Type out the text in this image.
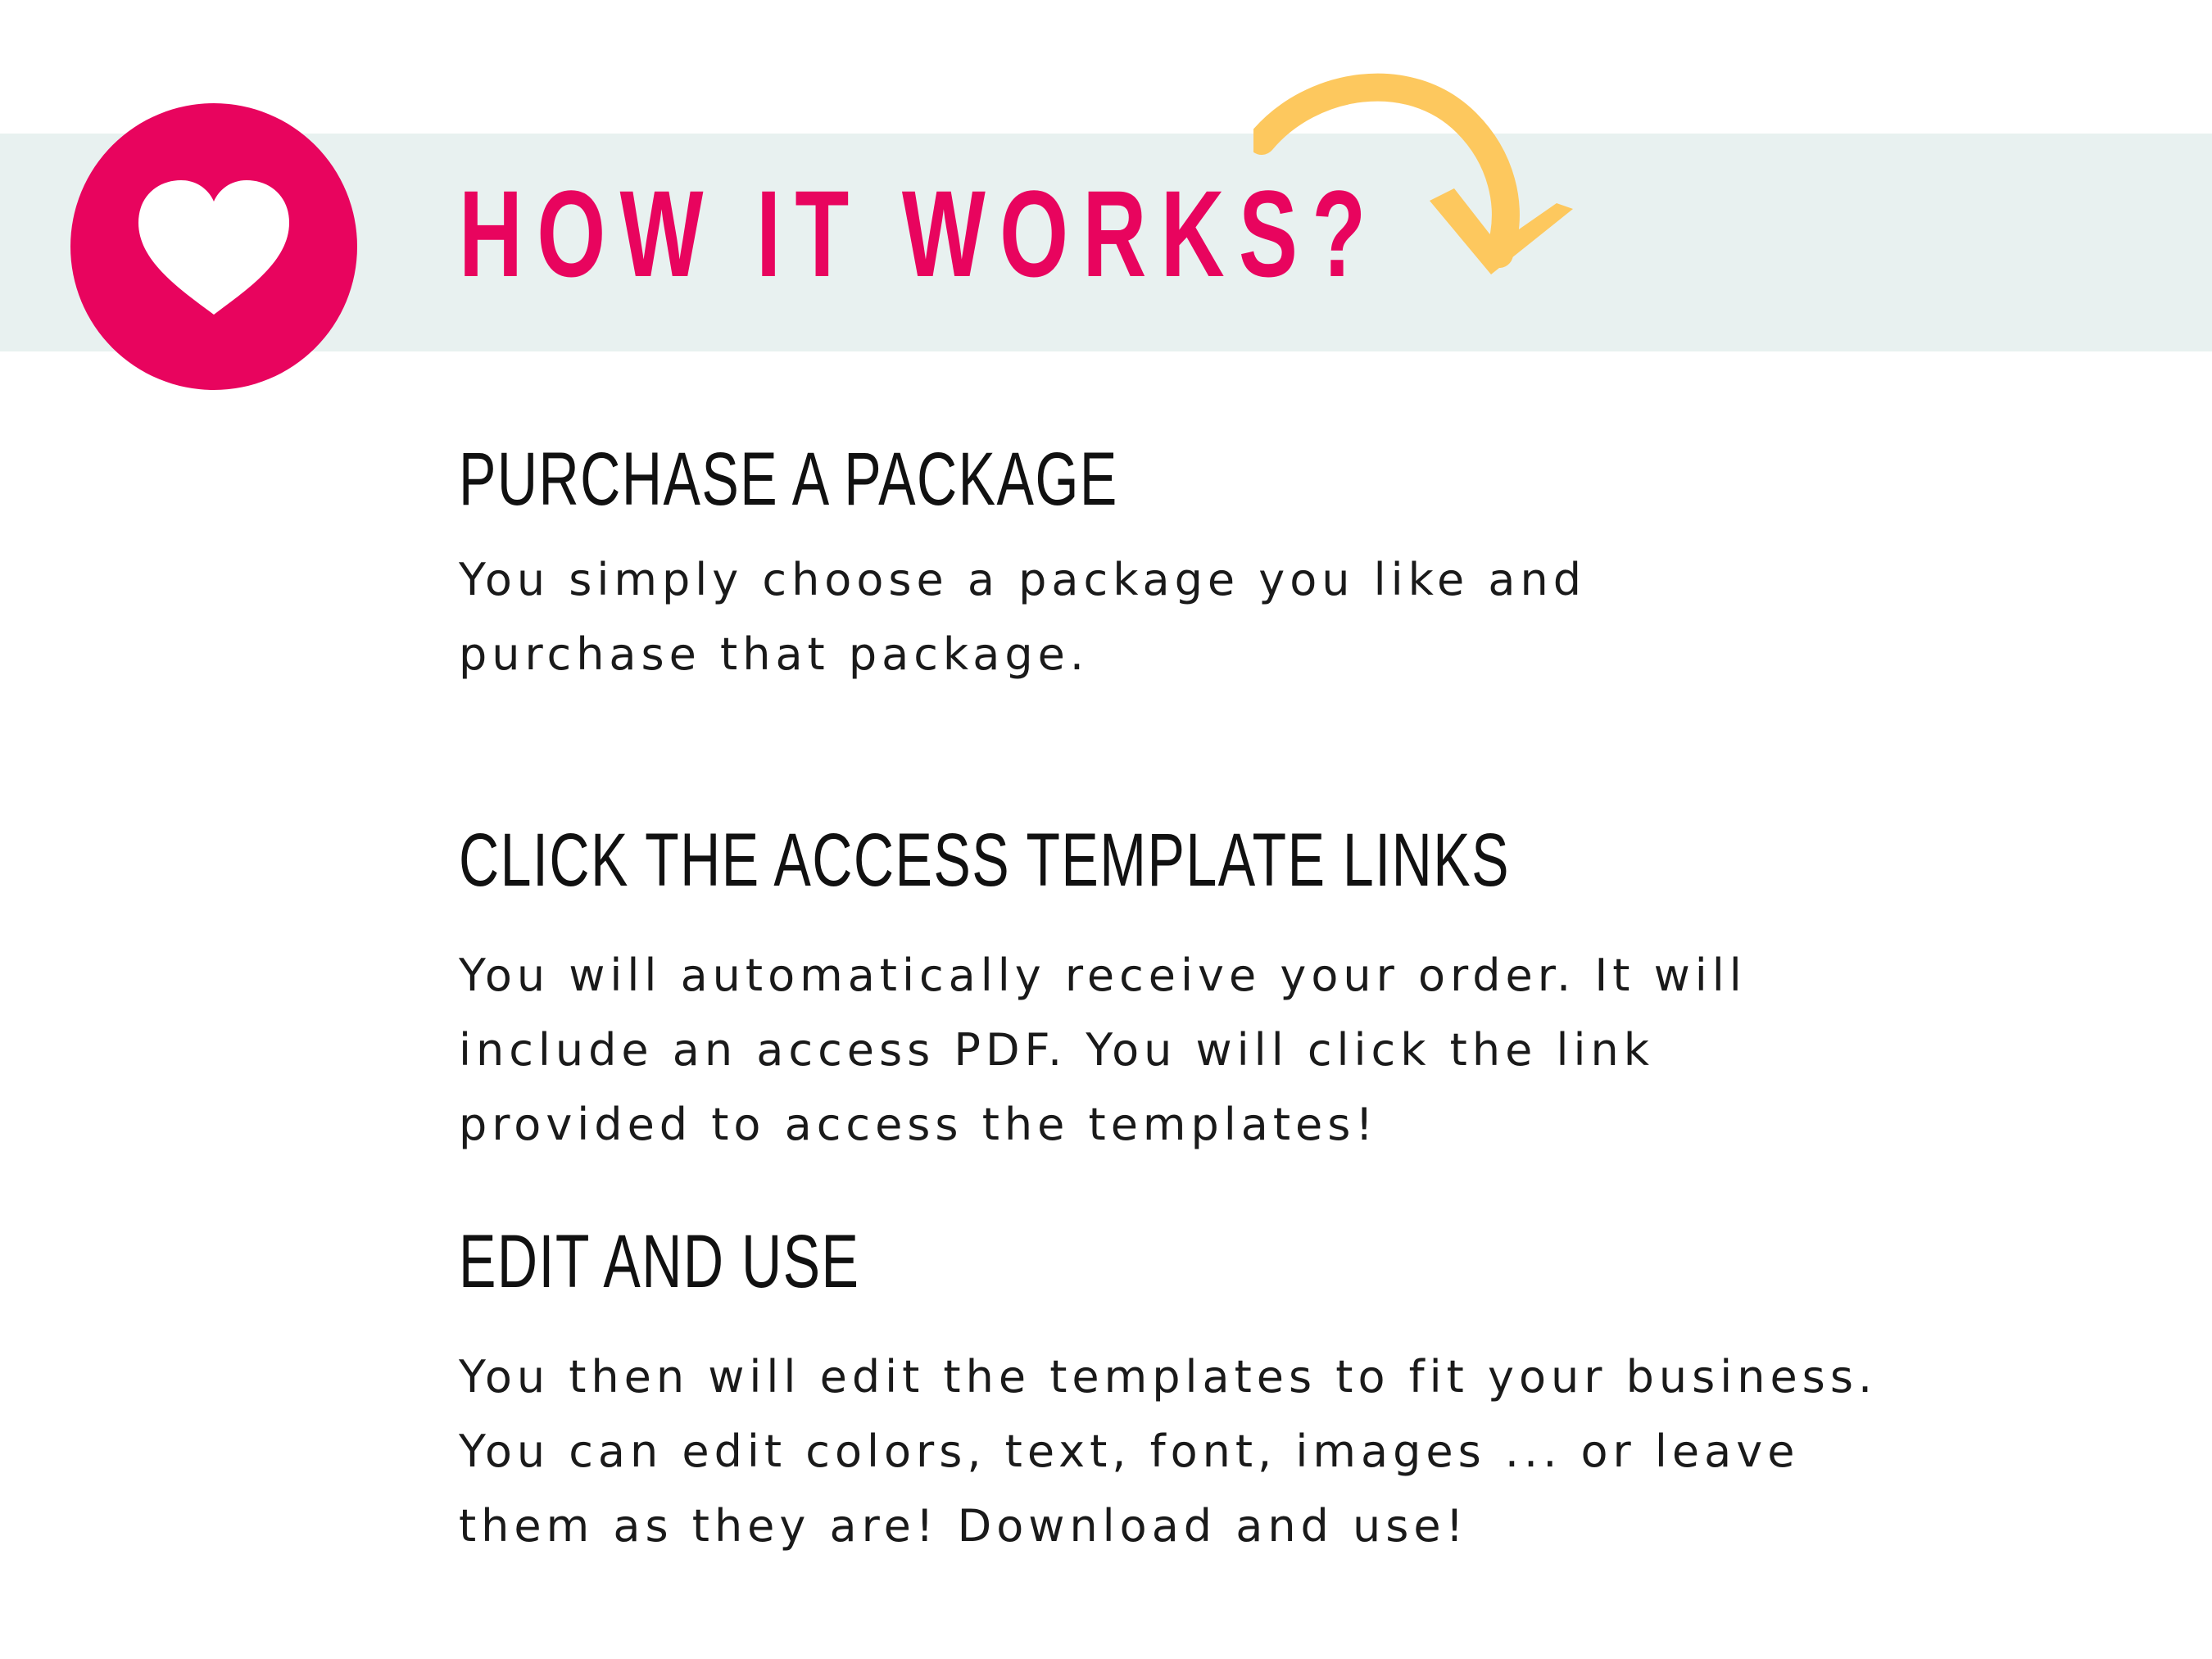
HOW IT WORKS?
PURCHASE A PACKAGE

You simply choose a package you like and purchase that package.

CLICK THE ACCESS TEMPLATE LINKS

You will automatically receive your order. It will include an access PDF. You will click the link provided to access the templates!

EDIT AND USE

You then will edit the templates to fit your business. You can edit colors, text, font, images ... or leave them as they are! Download and use!
